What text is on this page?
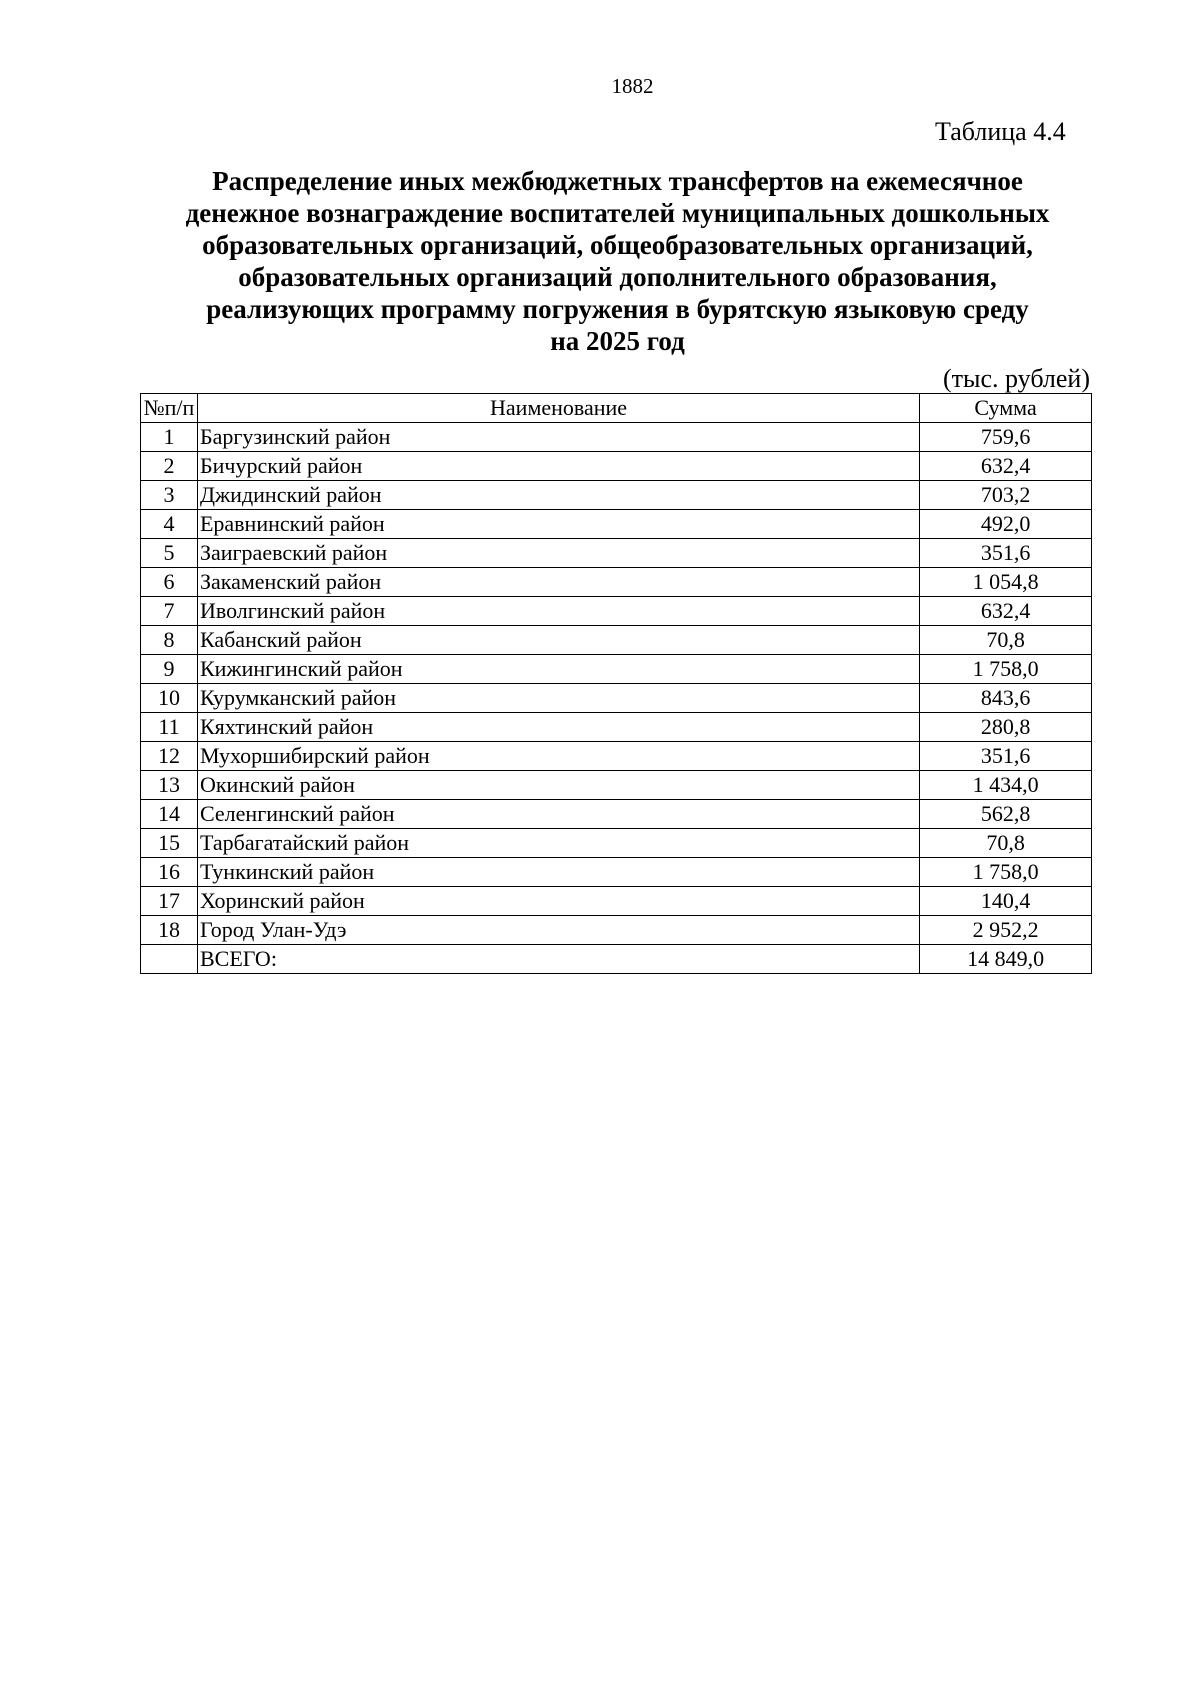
1882
Таблица 4.4
Распределение иных межбюджетных трансфертов на ежемесячное
денежное вознаграждение воспитателей муниципальных дошкольных
образовательных организаций, общеобразовательных организаций,
образовательных организаций дополнительного образования,
реализующих программу погружения в бурятскую языковую среду
на 2025 год
(тыс. рублей)
№п/п	Наименование	Сумма
1	Баргузинский район	759,6
2	Бичурский район	632,4
3	Джидинский район	703,2
4	Еравнинский район	492,0
5	Заиграевский район	351,6
6	Закаменский район	1 054,8
7	Иволгинский район	632,4
8	Кабанский район	70,8
9	Кижингинский район	1 758,0
10	Курумканский район	843,6
11	Кяхтинский район	280,8
12	Мухоршибирский район	351,6
13	Окинский район	1 434,0
14	Селенгинский район	562,8
15	Тарбагатайский район	70,8
16	Тункинский район	1 758,0
17	Хоринский район	140,4
18	Город Улан-Удэ	2 952,2
	ВСЕГО:	14 849,0
